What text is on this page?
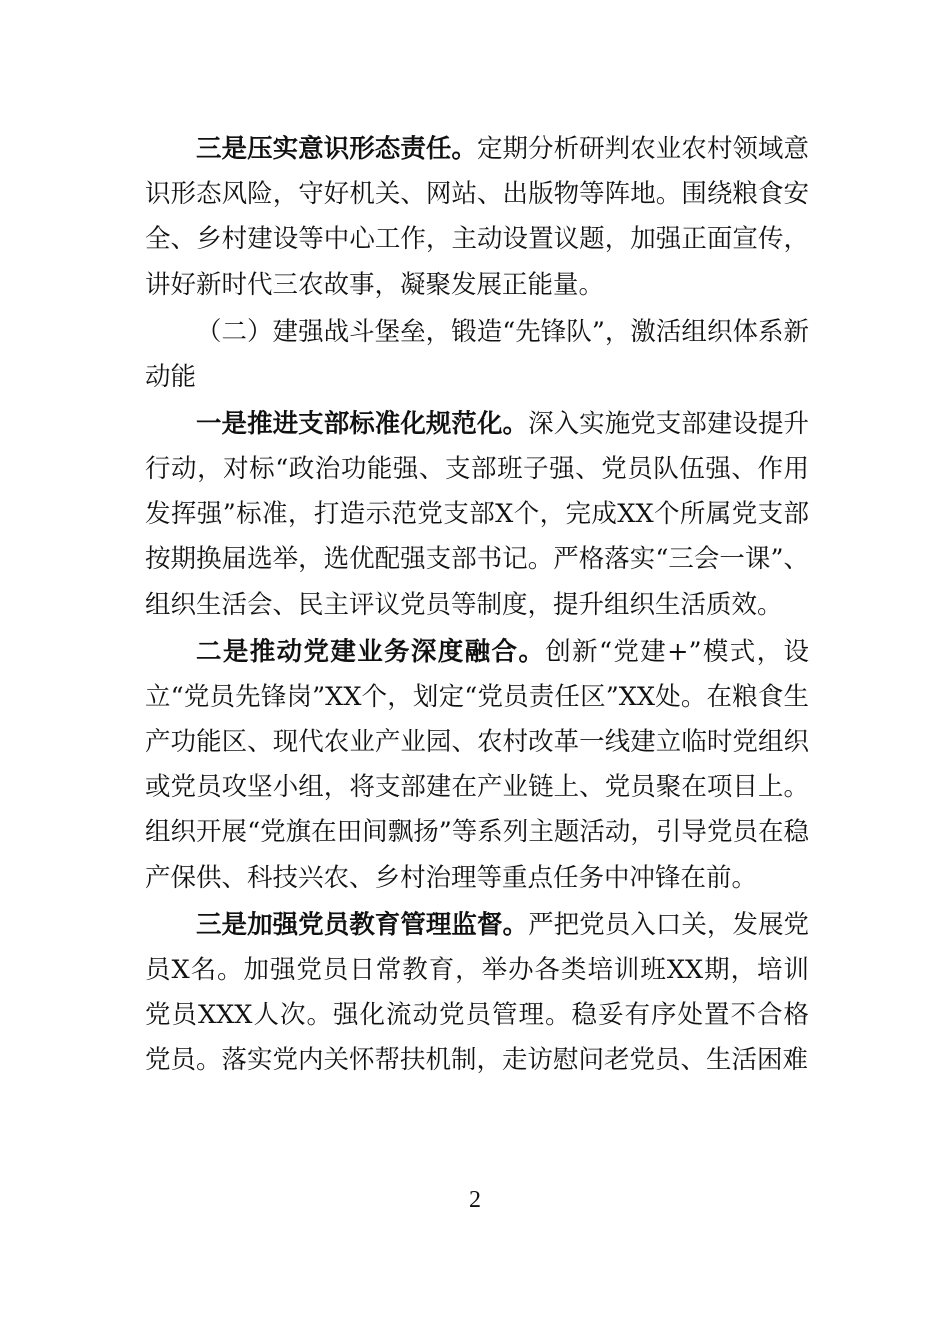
三是压实意识形态责任。定期分析研判农业农村领域意识形态风险，守好机关、网站、出版物等阵地。围绕粮食安全、乡村建设等中心工作，主动设置议题，加强正面宣传，讲好新时代三农故事，凝聚发展正能量。

（二）建强战斗堡垒，锻造“先锋队”，激活组织体系新动能

一是推进支部标准化规范化。深入实施党支部建设提升行动，对标“政治功能强、支部班子强、党员队伍强、作用发挥强”标准，打造示范党支部X个，完成XX个所属党支部按期换届选举，选优配强支部书记。严格落实“三会一课”、组织生活会、民主评议党员等制度，提升组织生活质效。

二是推动党建业务深度融合。创新“党建+”模式，设立“党员先锋岗”XX个，划定“党员责任区”XX处。在粮食生产功能区、现代农业产业园、农村改革一线建立临时党组织或党员攻坚小组，将支部建在产业链上、党员聚在项目上。组织开展“党旗在田间飘扬”等系列主题活动，引导党员在稳产保供、科技兴农、乡村治理等重点任务中冲锋在前。

三是加强党员教育管理监督。严把党员入口关，发展党员X名。加强党员日常教育，举办各类培训班XX期，培训党员XXX人次。强化流动党员管理。稳妥有序处置不合格党员。落实党内关怀帮扶机制，走访慰问老党员、生活困难

2
